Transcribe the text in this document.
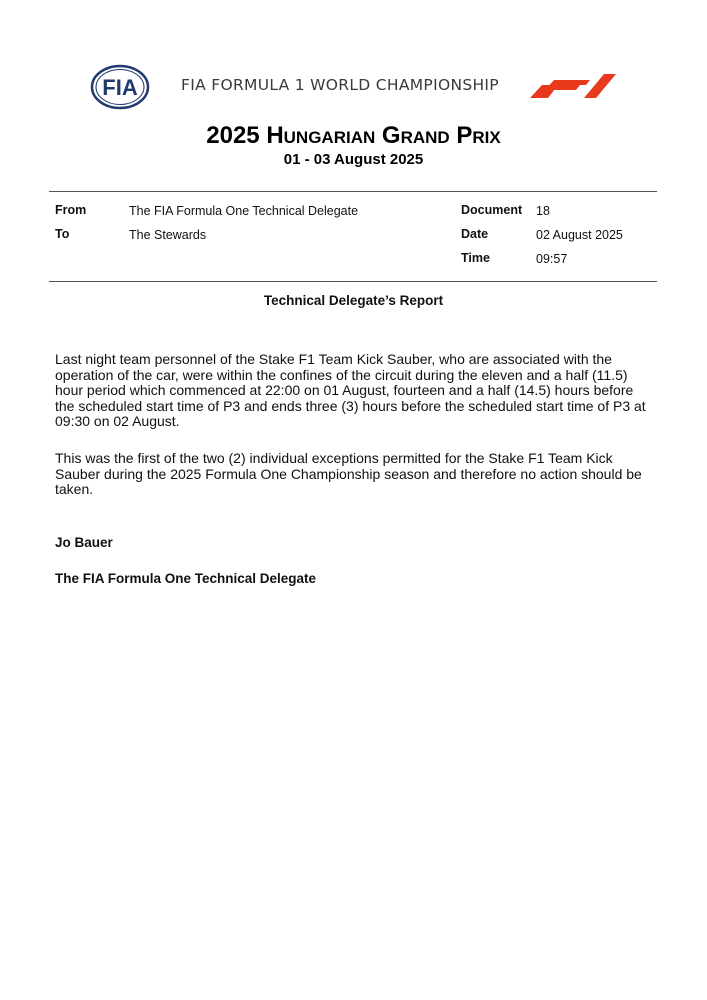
FIA	FIA FORMULA 1 WORLD CHAMPIONSHIP
F1
2025 Hungarian Grand Prix
01 - 03 August 2025
From	The FIA Formula One Technical Delegate
To	The Stewards
Document 18
Date	02 August 2025
Time	09:57
Technical Delegate’s Report
Last night team personnel of the Stake F1 Team Kick Sauber, who are associated with the operation of the car, were within the confines of the circuit during the eleven and a half (11.5) hour period which commenced at 22:00 on 01 August, fourteen and a half (14.5) hours before the scheduled start time of P3 and ends three (3) hours before the scheduled start time of P3 at 09:30 on 02 August.
This was the first of the two (2) individual exceptions permitted for the Stake F1 Team Kick Sauber during the 2025 Formula One Championship season and therefore no action should be taken.
Jo Bauer
The FIA Formula One Technical Delegate
